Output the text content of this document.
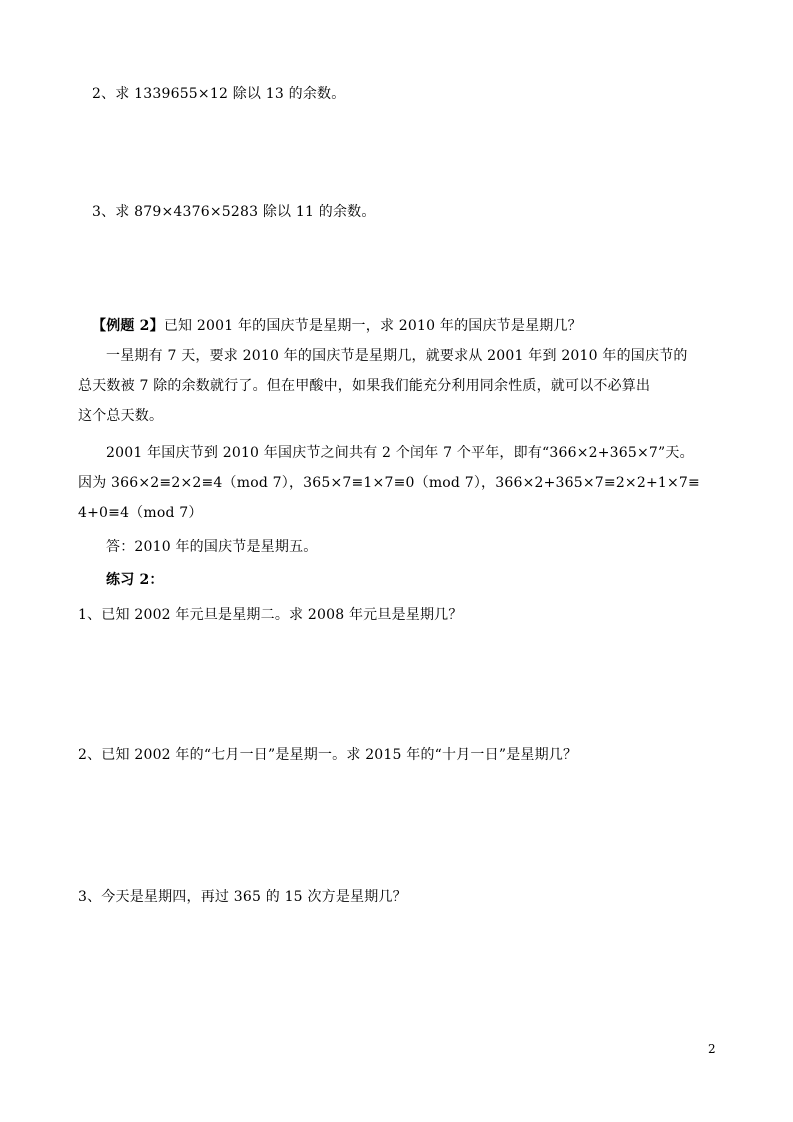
2、求 1339655×12 除以 13 的余数。
3、求 879×4376×5283 除以 11 的余数。
【例题 2】已知 2001 年的国庆节是星期一，求 2010 年的国庆节是星期几？
一星期有 7 天，要求 2010 年的国庆节是星期几，就要求从 2001 年到 2010 年的国庆节的
总天数被 7 除的余数就行了。但在甲酸中，如果我们能充分利用同余性质，就可以不必算出
这个总天数。
2001 年国庆节到 2010 年国庆节之间共有 2 个闰年 7 个平年，即有“366×2+365×7”天。
因为 366×2≡2×2≡4（mod 7），365×7≡1×7≡0（mod 7），366×2+365×7≡2×2+1×7≡
4+0≡4（mod 7）
答：2010 年的国庆节是星期五。
练习 2：
1、已知 2002 年元旦是星期二。求 2008 年元旦是星期几？
2、已知 2002 年的“七月一日”是星期一。求 2015 年的“十月一日”是星期几？
3、今天是星期四，再过 365 的 15 次方是星期几？
2
